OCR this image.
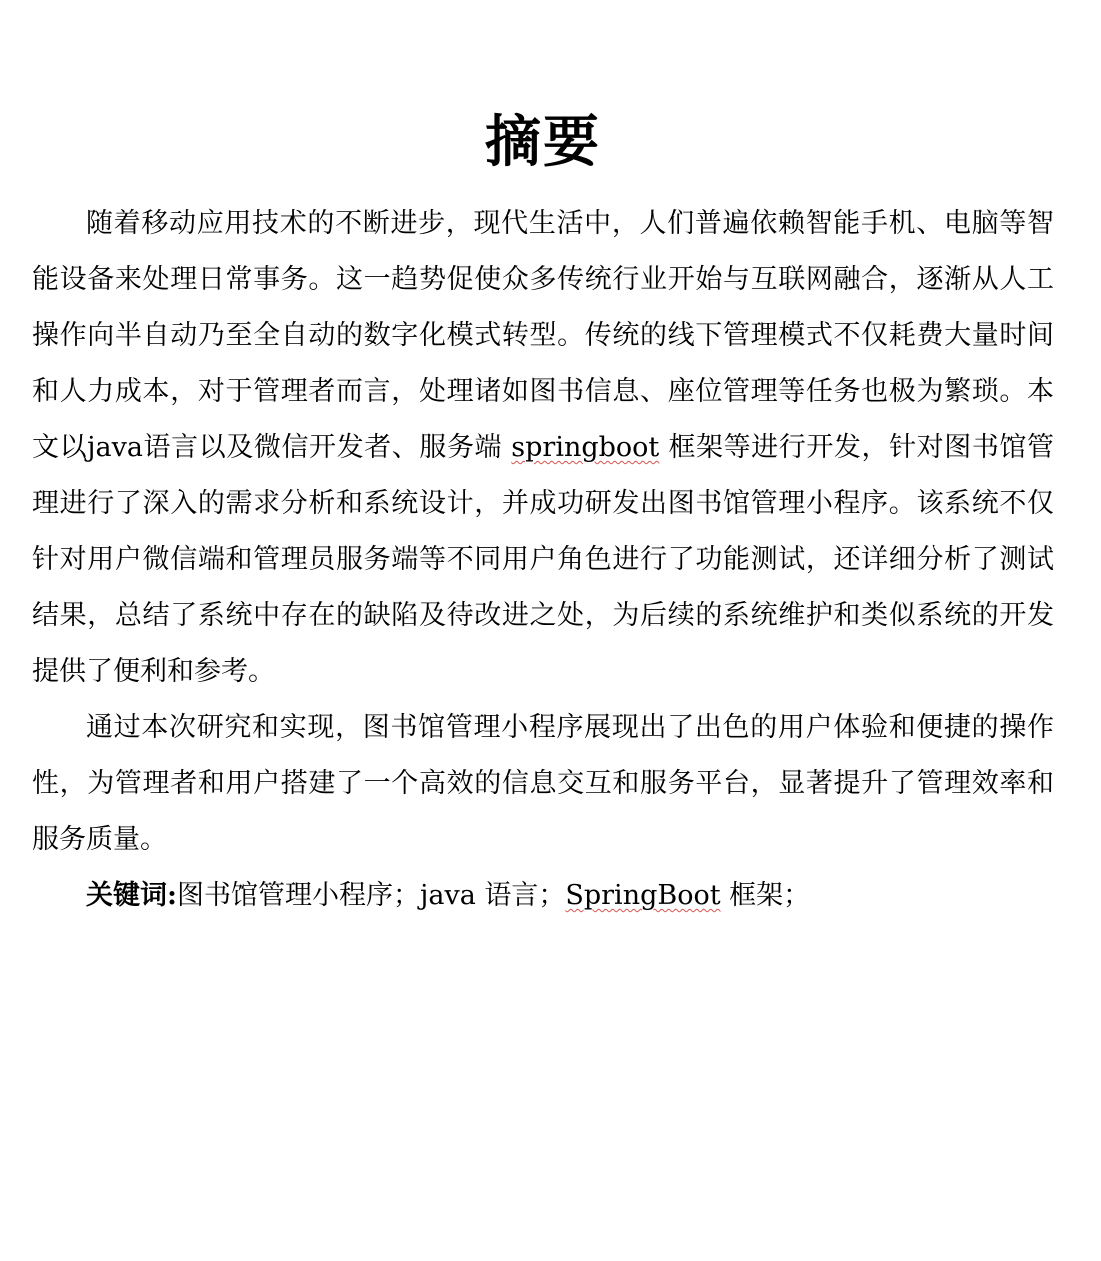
摘要

随着移动应用技术的不断进步，现代生活中，人们普遍依赖智能手机、电脑等智能设备来处理日常事务。这一趋势促使众多传统行业开始与互联网融合，逐渐从人工操作向半自动乃至全自动的数字化模式转型。传统的线下管理模式不仅耗费大量时间和人力成本，对于管理者而言，处理诸如图书信息、座位管理等任务也极为繁琐。本文以java语言以及微信开发者、服务端 springboot 框架等进行开发，针对图书馆管理进行了深入的需求分析和系统设计，并成功研发出图书馆管理小程序。该系统不仅针对用户微信端和管理员服务端等不同用户角色进行了功能测试，还详细分析了测试结果，总结了系统中存在的缺陷及待改进之处，为后续的系统维护和类似系统的开发提供了便利和参考。

通过本次研究和实现，图书馆管理小程序展现出了出色的用户体验和便捷的操作性，为管理者和用户搭建了一个高效的信息交互和服务平台，显著提升了管理效率和服务质量。

关键词:图书馆管理小程序；java 语言；SpringBoot 框架；
